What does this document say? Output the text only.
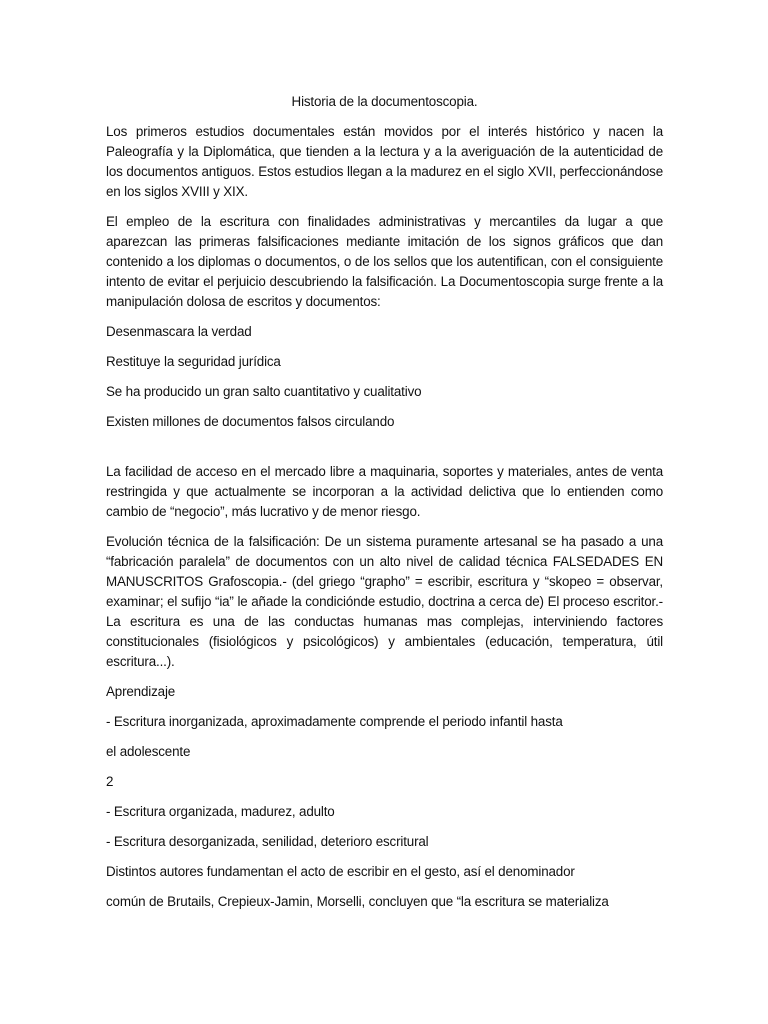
Historia de la documentoscopia.
Los primeros estudios documentales están movidos por el interés histórico y nacen la Paleografía y la Diplomática, que tienden a la lectura y a la averiguación de la autenticidad de los documentos antiguos. Estos estudios llegan a la madurez en el siglo XVII, perfeccionándose en los siglos XVIII y XIX.
El empleo de la escritura con finalidades administrativas y mercantiles da lugar a que aparezcan las primeras falsificaciones mediante imitación de los signos gráficos que dan contenido a los diplomas o documentos, o de los sellos que los autentifican, con el consiguiente intento de evitar el perjuicio descubriendo la falsificación. La Documentoscopia surge frente a la manipulación dolosa de escritos y documentos:
Desenmascara la verdad
Restituye la seguridad jurídica
Se ha producido un gran salto cuantitativo y cualitativo
Existen millones de documentos falsos circulando
La facilidad de acceso en el mercado libre a maquinaria, soportes y materiales, antes de venta restringida y que actualmente se incorporan a la actividad delictiva que lo entienden como cambio de “negocio”, más lucrativo y de menor riesgo.
Evolución técnica de la falsificación: De un sistema puramente artesanal se ha pasado a una “fabricación paralela” de documentos con un alto nivel de calidad técnica FALSEDADES EN MANUSCRITOS Grafoscopia.- (del griego “grapho” = escribir, escritura y “skopeo = observar, examinar; el sufijo “ia” le añade la condiciónde estudio, doctrina a cerca de) El proceso escritor.- La escritura es una de las conductas humanas mas complejas, interviniendo factores constitucionales (fisiológicos y psicológicos) y ambientales (educación, temperatura, útil escritura...).
Aprendizaje
- Escritura inorganizada, aproximadamente comprende el periodo infantil hasta
el adolescente
2
- Escritura organizada, madurez, adulto
- Escritura desorganizada, senilidad, deterioro escritural
Distintos autores fundamentan el acto de escribir en el gesto, así el denominador
común de Brutails, Crepieux-Jamin, Morselli, concluyen que “la escritura se materializa
